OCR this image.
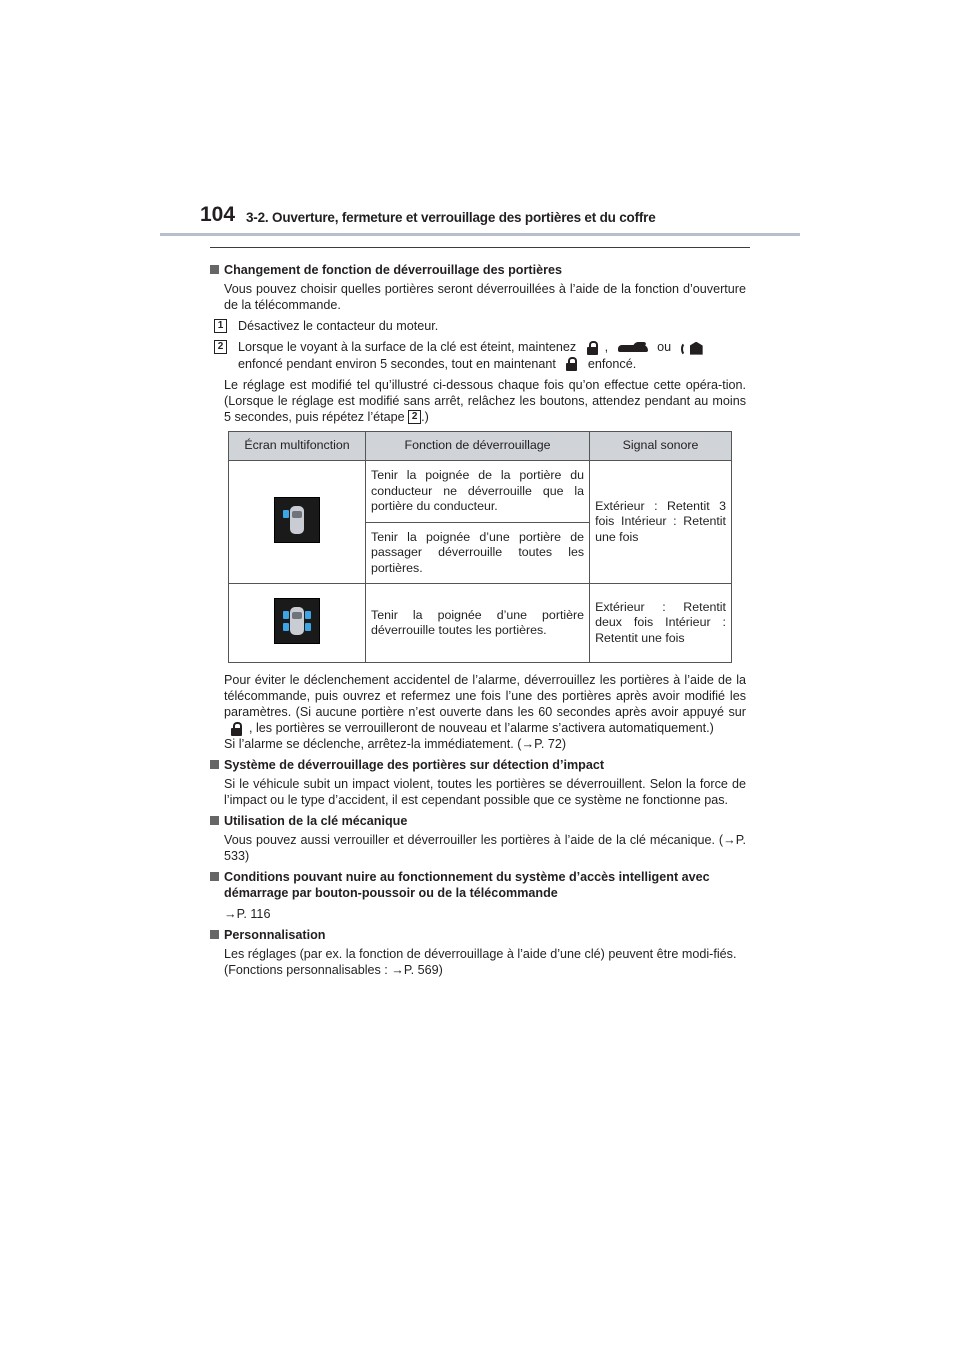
104 3-2. Ouverture, fermeture et verrouillage des portières et du coffre
Changement de fonction de déverrouillage des portières
Vous pouvez choisir quelles portières seront déverrouillées à l’aide de la fonction d’ouverture de la télécommande.
1 Désactivez le contacteur du moteur.
2 Lorsque le voyant à la surface de la clé est éteint, maintenez ,	ou

enfoncé pendant environ 5 secondes, tout en maintenant	enfoncé.
Le réglage est modifié tel qu’illustré ci-dessous chaque fois qu’on effectue cette opéra-tion. (Lorsque le réglage est modifié sans arrêt, relâchez les boutons, attendez pendant au moins 5 secondes, puis répétez l’étape 2 .)
Écran multifonction	Fonction de déverrouillage	Signal sonore

	Tenir la poignée de la portière du conducteur ne déverrouille que la portière du conducteur.	Extérieur : Retentit 3 fois Intérieur : Retentit une fois
	Tenir la poignée d’une portière de passager déverrouille toutes les portières.	

	Tenir la poignée d’une portière déverrouille toutes les portières.	Extérieur : Retentit deux fois Intérieur : Retentit une fois
Pour éviter le déclenchement accidentel de l’alarme, déverrouillez les portières à l’aide de la télécommande, puis ouvrez et refermez une fois l’une des portières après avoir modifié les paramètres. (Si aucune portière n’est ouverte dans les 60 secondes après avoir appuyé sur
, les portières se verrouilleront de nouveau et l’alarme s’activera automatiquement.)
Si l’alarme se déclenche, arrêtez-la immédiatement. (→P. 72)
Système de déverrouillage des portières sur détection d’impact
Si le véhicule subit un impact violent, toutes les portières se déverrouillent. Selon la force de l’impact ou le type d’accident, il est cependant possible que ce système ne fonctionne pas.
Utilisation de la clé mécanique
Vous pouvez aussi verrouiller et déverrouiller les portières à l’aide de la clé mécanique. (→P. 533)
Conditions pouvant nuire au fonctionnement du système d’accès intelligent avec démarrage par bouton-poussoir ou de la télécommande
→P. 116
Personnalisation
Les réglages (par ex. la fonction de déverrouillage à l’aide d’une clé) peuvent être modi-fiés.
(Fonctions personnalisables : →P. 569)
